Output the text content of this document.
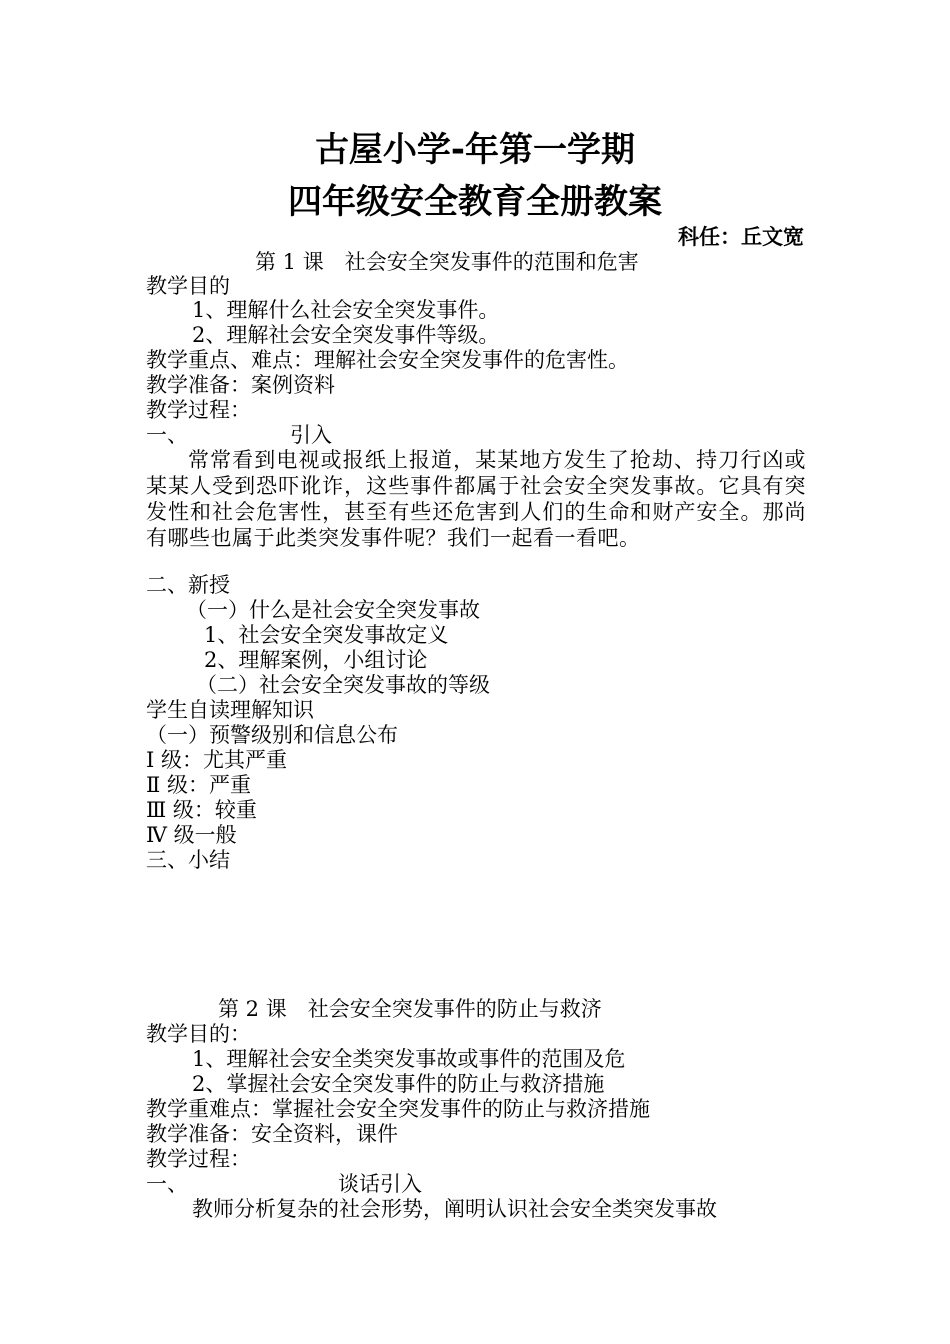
古屋小学-年第一学期
四年级安全教育全册教案
科任：丘文宽
第 1 课　社会安全突发事件的范围和危害
教学目的
1、理解什么社会安全突发事件。
2、理解社会安全突发事件等级。
教学重点、难点：理解社会安全突发事件的危害性。
教学准备：案例资料
教学过程：
一、	引入
常常看到电视或报纸上报道，某某地方发生了抢劫、持刀行凶或某某人受到恐吓讹诈，这些事件都属于社会安全突发事故。它具有突发性和社会危害性，甚至有些还危害到人们的生命和财产安全。那尚有哪些也属于此类突发事件呢？我们一起看一看吧。
二、新授
（一）什么是社会安全突发事故
1、社会安全突发事故定义
2、理解案例，小组讨论
（二）社会安全突发事故的等级
学生自读理解知识
（一）预警级别和信息公布
Ⅰ 级：尤其严重
Ⅱ 级：严重
Ⅲ 级：较重
Ⅳ 级一般
三、小结
第 2 课　社会安全突发事件的防止与救济
教学目的：
1、理解社会安全类突发事故或事件的范围及危
2、掌握社会安全突发事件的防止与救济措施
教学重难点：掌握社会安全突发事件的防止与救济措施
教学准备：安全资料，课件
教学过程：
一、	谈话引入
教师分析复杂的社会形势，阐明认识社会安全类突发事故
